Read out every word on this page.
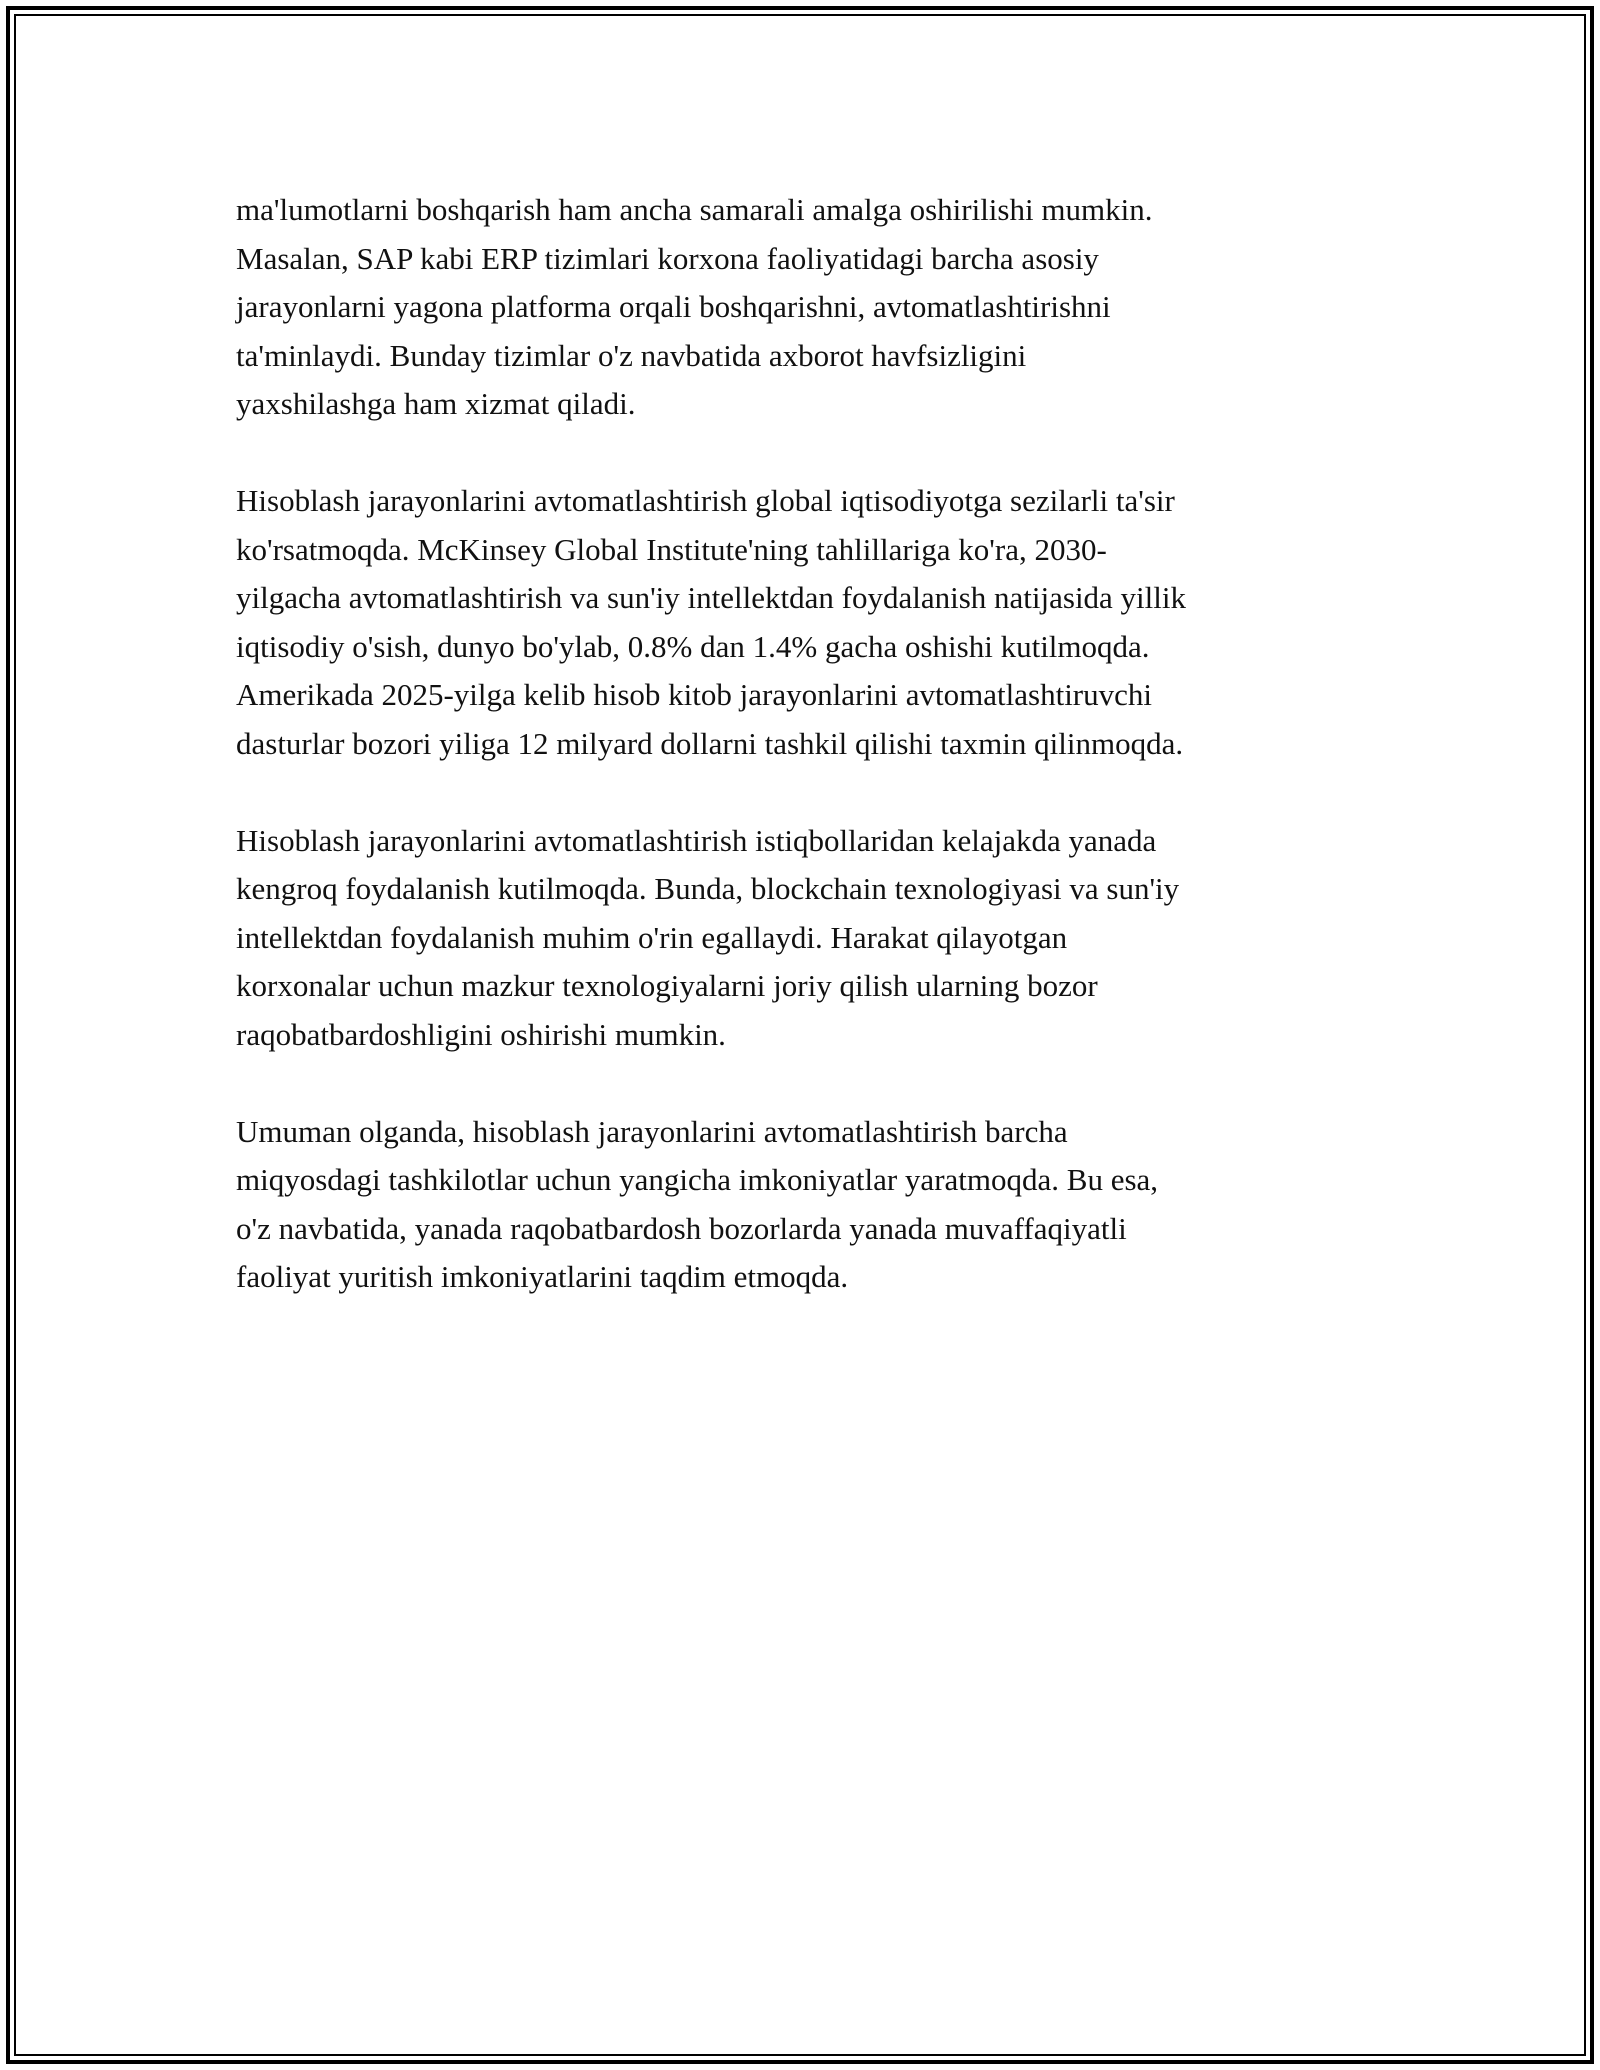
ma'lumotlarni boshqarish ham ancha samarali amalga oshirilishi mumkin.
Masalan, SAP kabi ERP tizimlari korxona faoliyatidagi barcha asosiy
jarayonlarni yagona platforma orqali boshqarishni, avtomatlashtirishni
ta'minlaydi. Bunday tizimlar o'z navbatida axborot havfsizligini
yaxshilashga ham xizmat qiladi.

Hisoblash jarayonlarini avtomatlashtirish global iqtisodiyotga sezilarli ta'sir
ko'rsatmoqda. McKinsey Global Institute'ning tahlillariga ko'ra, 2030-
yilgacha avtomatlashtirish va sun'iy intellektdan foydalanish natijasida yillik
iqtisodiy o'sish, dunyo bo'ylab, 0.8% dan 1.4% gacha oshishi kutilmoqda.
Amerikada 2025-yilga kelib hisob kitob jarayonlarini avtomatlashtiruvchi
dasturlar bozori yiliga 12 milyard dollarni tashkil qilishi taxmin qilinmoqda.

Hisoblash jarayonlarini avtomatlashtirish istiqbollaridan kelajakda yanada
kengroq foydalanish kutilmoqda. Bunda, blockchain texnologiyasi va sun'iy
intellektdan foydalanish muhim o'rin egallaydi. Harakat qilayotgan
korxonalar uchun mazkur texnologiyalarni joriy qilish ularning bozor
raqobatbardoshligini oshirishi mumkin.

Umuman olganda, hisoblash jarayonlarini avtomatlashtirish barcha
miqyosdagi tashkilotlar uchun yangicha imkoniyatlar yaratmoqda. Bu esa,
o'z navbatida, yanada raqobatbardosh bozorlarda yanada muvaffaqiyatli
faoliyat yuritish imkoniyatlarini taqdim etmoqda.
